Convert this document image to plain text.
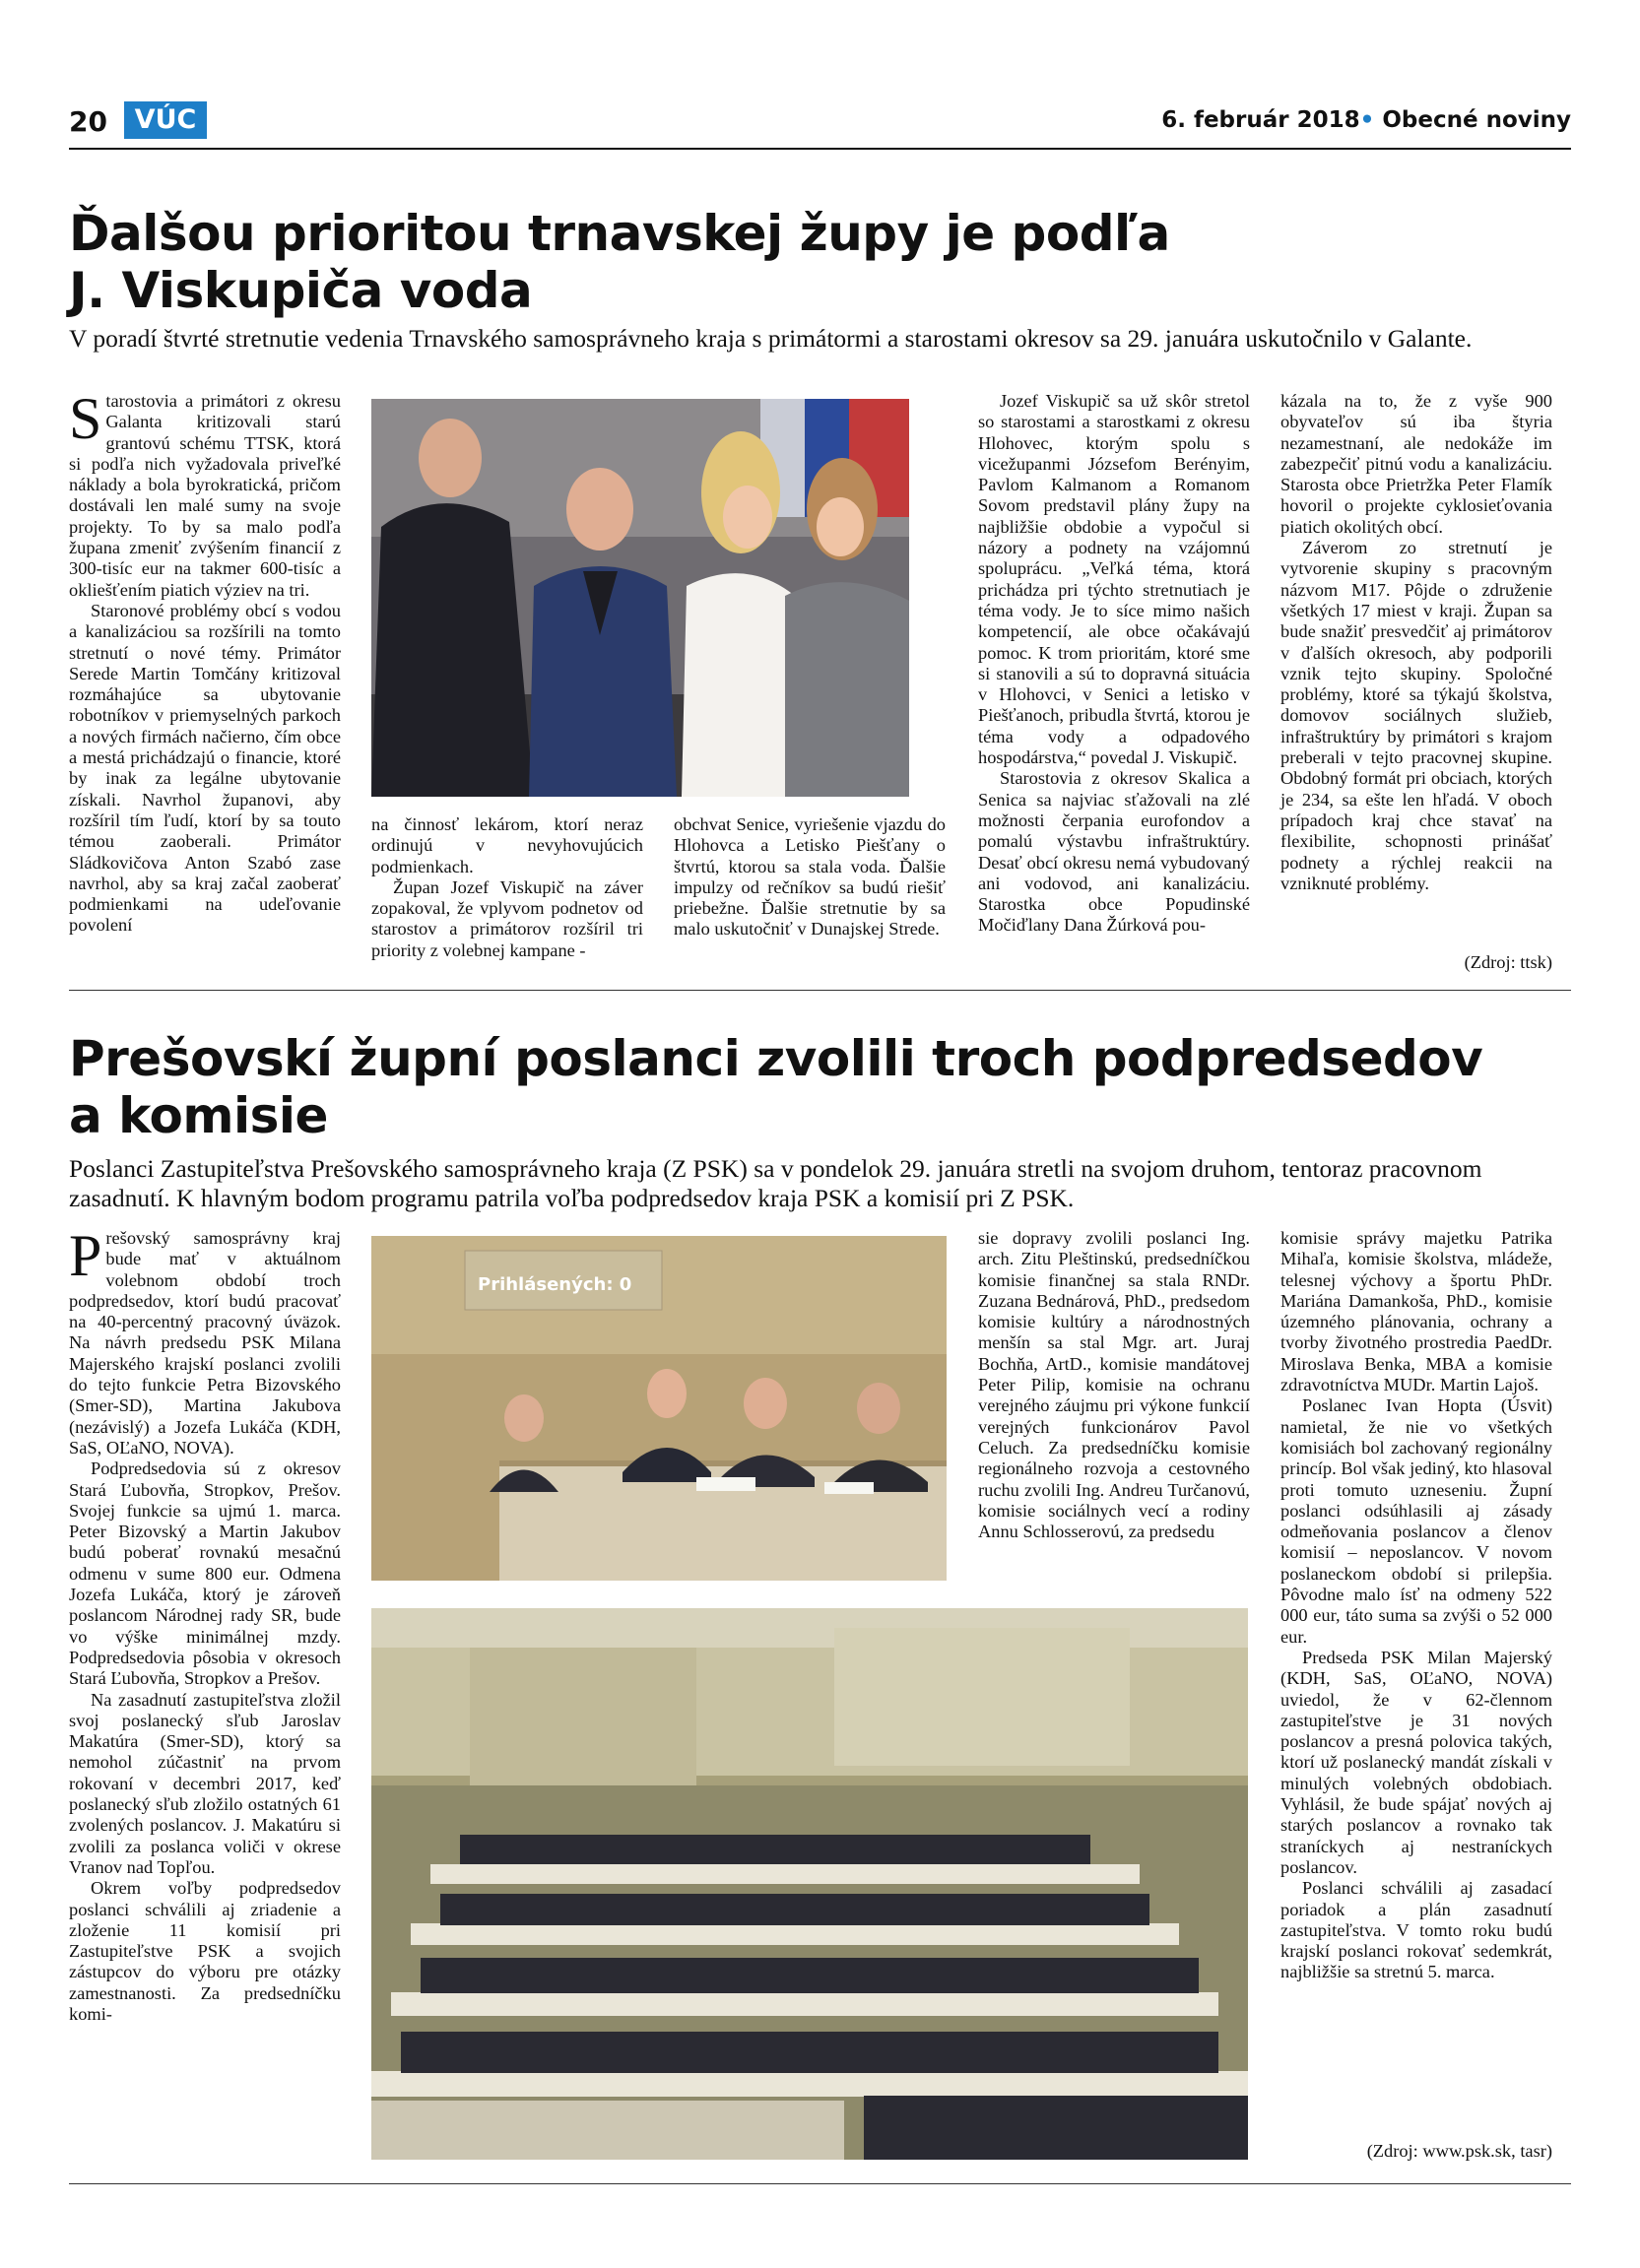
20	VÚC	6. február 2018• Obecné noviny
Ďalšou prioritou trnavskej župy je podľa
J. Viskupiča voda

V poradí štvrté stretnutie vedenia Trnavského samosprávneho kraja s primátormi a starostami okresov sa 29. januára uskutočnilo v Galante.

Starostovia a primátori z okresu Galanta kritizovali starú grantovú schému TTSK, ktorá si podľa nich vyžadovala priveľké náklady a bola byrokratická, pričom dostávali len malé sumy na svoje projekty. To by sa malo podľa župana zmeniť zvýšením financií z 300-tisíc eur na takmer 600-tisíc a okliešťením piatich výziev na tri.

Staronové problémy obcí s vodou a kanalizáciou sa rozšírili na tomto stretnutí o nové témy. Primátor Serede Martin Tomčány kritizoval rozmáhajúce sa ubytovanie robotníkov v priemyselných parkoch a nových firmách načierno, čím obce a mestá prichádzajú o financie, ktoré by inak za legálne ubytovanie získali. Navrhol županovi, aby rozšíril tím ľudí, ktorí by sa touto témou zaoberali. Primátor Sládkovičova Anton Szabó zase navrhol, aby sa kraj začal zaoberať podmienkami na udeľovanie povolení

na činnosť lekárom, ktorí neraz ordinujú v nevyhovujúcich podmienkach.

Župan Jozef Viskupič na záver zopakoval, že vplyvom podnetov od starostov a primátorov rozšíril tri priority z volebnej kampane -

obchvat Senice, vyriešenie vjazdu do Hlohovca a Letisko Piešťany o štvrtú, ktorou sa stala voda. Ďalšie impulzy od rečníkov sa budú riešiť priebežne. Ďalšie stretnutie by sa malo uskutočniť v Dunajskej Strede.

Jozef Viskupič sa už skôr stretol so starostami a starostkami z okresu Hlohovec, ktorým spolu s vicežupanmi Józsefom Berényim, Pavlom Kalmanom a Romanom Sovom predstavil plány župy na najbližšie obdobie a vypočul si názory a podnety na vzájomnú spoluprácu. „Veľká téma, ktorá prichádza pri týchto stretnutiach je téma vody. Je to síce mimo našich kompetencií, ale obce očakávajú pomoc. K trom prioritám, ktoré sme si stanovili a sú to dopravná situácia v Hlohovci, v Senici a letisko v Piešťanoch, pribudla štvrtá, ktorou je téma vody a odpadového hospodárstva,“ povedal J. Viskupič.

Starostovia z okresov Skalica a Senica sa najviac sťažovali na zlé možnosti čerpania eurofondov a pomalú výstavbu infraštruktúry. Desať obcí okresu nemá vybudovaný ani vodovod, ani kanalizáciu. Starostka obce Popudinské Močiďlany Dana Žúrková pou-

kázala na to, že z vyše 900 obyvateľov sú iba štyria nezamestnaní, ale nedokáže im zabezpečiť pitnú vodu a kanalizáciu. Starosta obce Prietržka Peter Flamík hovoril o projekte cyklosieťovania piatich okolitých obcí.

Záverom zo stretnutí je vytvorenie skupiny s pracovným názvom M17. Pôjde o združenie všetkých 17 miest v kraji. Župan sa bude snažiť presvedčiť aj primátorov v ďalších okresoch, aby podporili vznik tejto skupiny. Spoločné problémy, ktoré sa týkajú školstva, domovov sociálnych služieb, infraštruktúry by primátori s krajom preberali v tejto pracovnej skupine. Obdobný formát pri obciach, ktorých je 234, sa ešte len hľadá. V oboch prípadoch kraj chce stavať na flexibilite, schopnosti prinášať podnety a rýchlej reakcii na vzniknuté problémy.

(Zdroj: ttsk)
Prešovskí župní poslanci zvolili troch podpredsedov
a komisie

Poslanci Zastupiteľstva Prešovského samosprávneho kraja (Z PSK) sa v pondelok 29. januára stretli na svojom druhom, tentoraz pracovnom zasadnutí. K hlavným bodom programu patrila voľba podpredsedov kraja PSK a komisií pri Z PSK.

Prešovský samosprávny kraj bude mať v aktuálnom volebnom období troch podpredsedov, ktorí budú pracovať na 40-percentný pracovný úväzok. Na návrh predsedu PSK Milana Majerského krajskí poslanci zvolili do tejto funkcie Petra Bizovského (Smer-SD), Martina Jakubova (nezávislý) a Jozefa Lukáča (KDH, SaS, OĽaNO, NOVA).

Podpredsedovia sú z okresov Stará Ľubovňa, Stropkov, Prešov. Svojej funkcie sa ujmú 1. marca. Peter Bizovský a Martin Jakubov budú poberať rovnakú mesačnú odmenu v sume 800 eur. Odmena Jozefa Lukáča, ktorý je zároveň poslancom Národnej rady SR, bude vo výške minimálnej mzdy. Podpredsedovia pôsobia v okresoch Stará Ľubovňa, Stropkov a Prešov.

Na zasadnutí zastupiteľstva zložil svoj poslanecký sľub Jaroslav Makatúra (Smer-SD), ktorý sa nemohol zúčastniť na prvom rokovaní v decembri 2017, keď poslanecký sľub zložilo ostatných 61 zvolených poslancov. J. Makatúru si zvolili za poslanca voliči v okrese Vranov nad Topľou.

Okrem voľby podpredsedov poslanci schválili aj zriadenie a zloženie 11 komisií pri Zastupiteľstve PSK a svojich zástupcov do výboru pre otázky zamestnanosti. Za predsedníčku komi-

Prihlásených: 0

sie dopravy zvolili poslanci Ing. arch. Zitu Pleštinskú, predsedníčkou komisie finančnej sa stala RNDr. Zuzana Bednárová, PhD., predsedom komisie kultúry a národnostných menšín sa stal Mgr. art. Juraj Bochňa, ArtD., komisie mandátovej Peter Pilip, komisie na ochranu verejného záujmu pri výkone funkcií verejných funkcionárov Pavol Celuch. Za predsedníčku komisie regionálneho rozvoja a cestovného ruchu zvolili Ing. Andreu Turčanovú, komisie sociálnych vecí a rodiny Annu Schlosserovú, za predsedu

komisie správy majetku Patrika Mihaľa, komisie školstva, mládeže, telesnej výchovy a športu PhDr. Mariána Damankoša, PhD., komisie územného plánovania, ochrany a tvorby životného prostredia PaedDr. Miroslava Benka, MBA a komisie zdravotníctva MUDr. Martin Lajoš.

Poslanec Ivan Hopta (Úsvit) namietal, že nie vo všetkých komisiách bol zachovaný regionálny princíp. Bol však jediný, kto hlasoval proti tomuto uzneseniu. Župní poslanci odsúhlasili aj zásady odmeňovania poslancov a členov komisií – neposlancov. V novom poslaneckom období si prilepšia. Pôvodne malo ísť na odmeny 522 000 eur, táto suma sa zvýši o 52 000 eur.

Predseda PSK Milan Majerský (KDH, SaS, OĽaNO, NOVA) uviedol, že v 62-člennom zastupiteľstve je 31 nových poslancov a presná polovica takých, ktorí už poslanecký mandát získali v minulých volebných obdobiach. Vyhlásil, že bude spájať nových aj starých poslancov a rovnako tak straníckych aj nestraníckych poslancov.

Poslanci schválili aj zasadací poriadok a plán zasadnutí zastupiteľstva. V tomto roku budú krajskí poslanci rokovať sedemkrát, najbližšie sa stretnú 5. marca.

(Zdroj: www.psk.sk, tasr)
